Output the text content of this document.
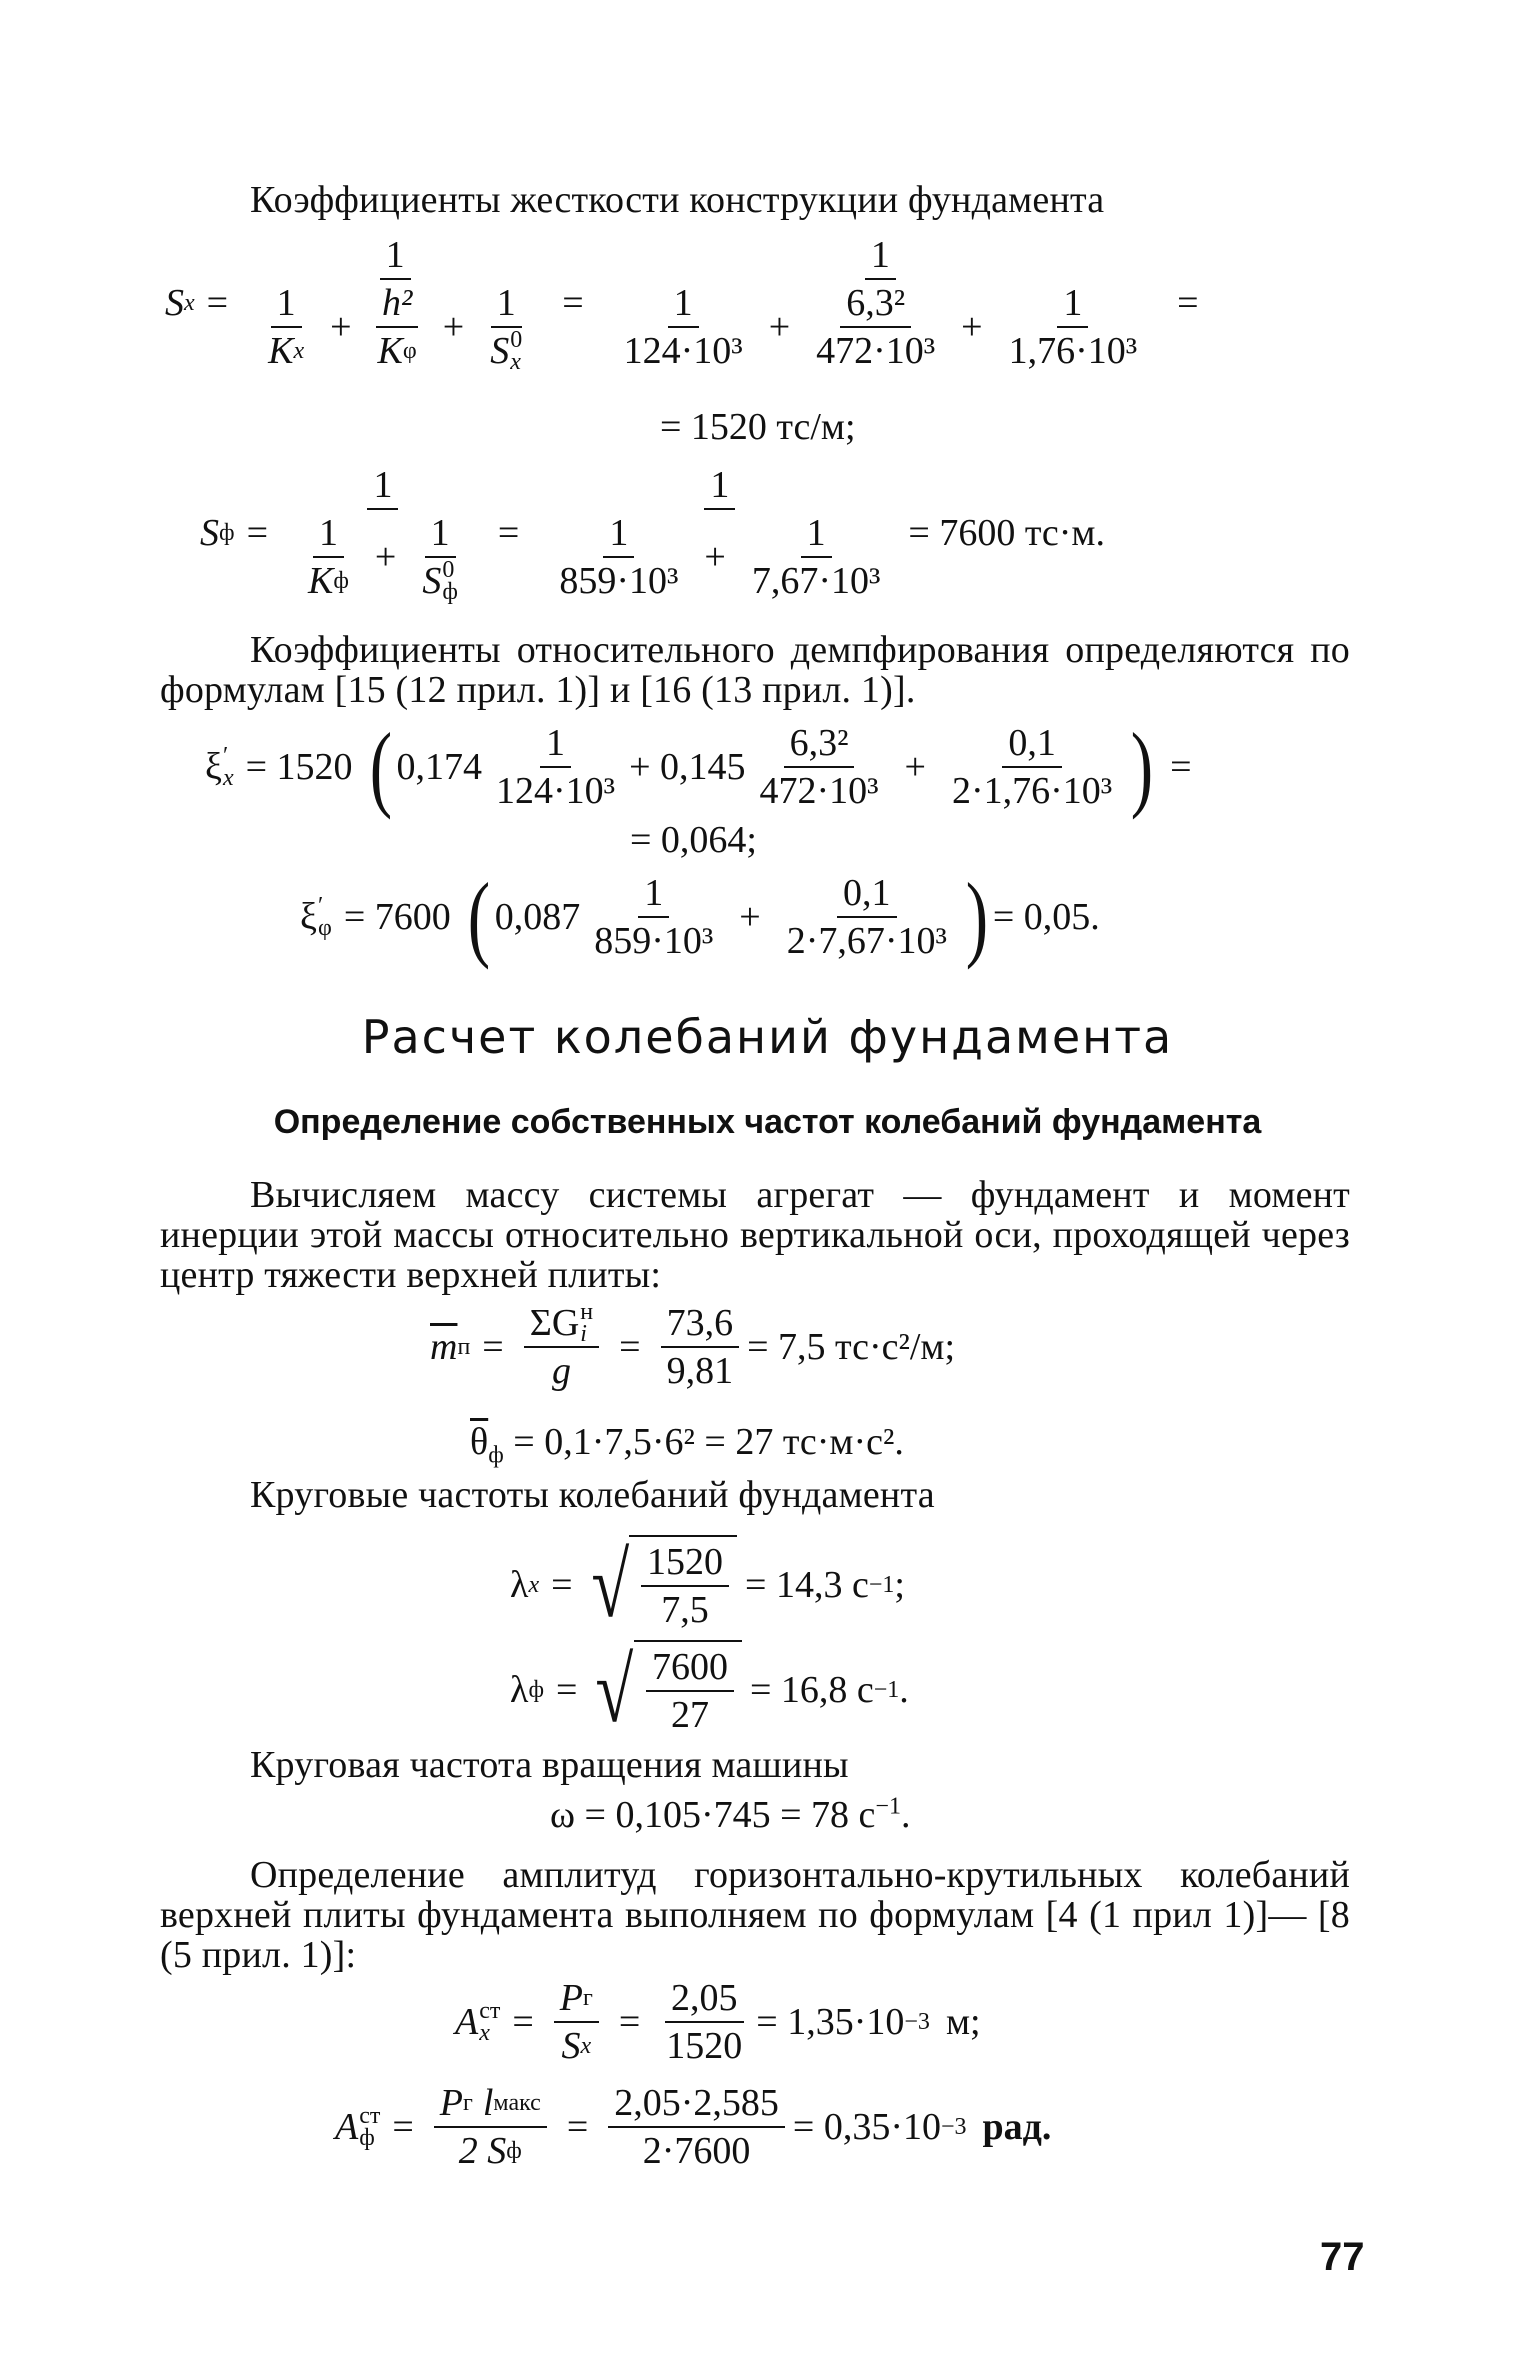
Коэффициенты жесткости конструкции фундамента
S x = 1
$\frac{1}{\text{K x}} + \frac{\text{h²}}{\text{K φ}} + 1$
S 0
x =
1
$\frac{1}{\text{124·10³}} + \frac{\text{6,3²}}{\text{472·10³}} + \frac{1}{\text{1,76·10³}}$ =
= 1520 тс/м;
S ф = 1
$\frac{1}{\text{K ф}} + 1$
S 0
$ф = \frac{1}{\frac{1}{\text{859·10³}} + \frac{1}{\text{7,67·10³}}} = 7600$ тс·м.
Коэффициенты относительного демпфирования определяются по формулам [15 (12 прил. 1)] и [16 (13 прил. 1)].
ξ ′
x = 1520 ( $0,174 \frac{1}{\text{124·10³}} + 0,145 \frac{\text{6,3²}}{\text{472·10³}} + \frac{0,1}{\text{2·1,76·10³}}$ ) =
= 0,064;
ξ ′
φ = 7600 ( $0,087 \frac{1}{\text{859·10³}} + \frac{0,1}{\text{2·7,67·10³}}$ ) = 0,05.
Расчет колебаний фундамента
Определение собственных частот колебаний фундамента
Вычисляем массу системы агрегат — фундамент и момент инерции этой массы относительно вертикальной оси, проходящей через центр тяжести верхней плиты:
$\overline{m}$ п = ΣG н
i
$g = \frac{73,6}{9,81} = 7,5$ тс·с²/м;
$\overline{\theta}_ф = 0,1\cdot 7,5\cdot 6^2 = 27$ тс·м·с².
Круговые частоты колебаний фундамента
λ x = √ $\frac{1520}{7,5} = 14,3$ с −1 ;
λ ф = √ $\frac{7600}{27} = 16,8$ с −1 .
Круговая частота вращения машины
ω = 0,105·745 = 78 $с^{-1}$.
Определение амплитуд горизонтально-крутильных колебаний верхней плиты фундамента выполняем по формулам [4 (1 прил 1)]— [8 (5 прил. 1)]:
A ст
$x = \frac{\text{P г}}{\text{S x}} = \frac{2,05}{1520} = 1,35\cdot 10 -3$ м;
A ст
$ф = \frac{\text{P г l макс}}{\text{2 S ф}} = \frac{2,05\cdot 2,585}{2\cdot 7600} = 0,35\cdot 10 -3$ рад.
77
